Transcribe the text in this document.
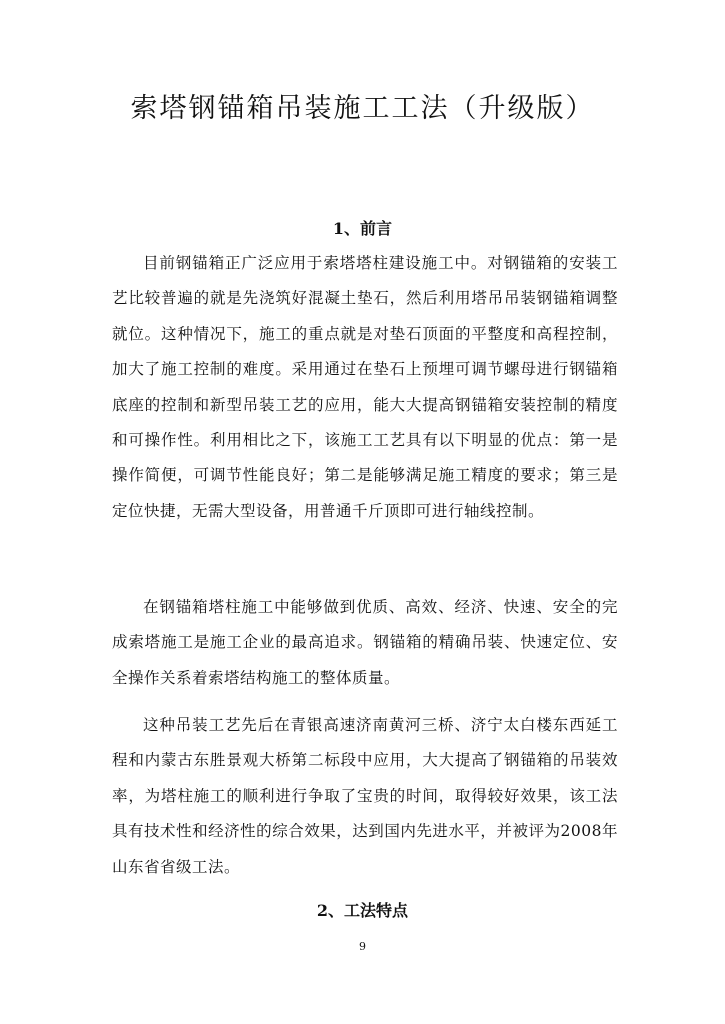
索塔钢锚箱吊装施工工法（升级版）
1、前言

目前钢锚箱正广泛应用于索塔塔柱建设施工中。对钢锚箱的安装工艺比较普遍的就是先浇筑好混凝土垫石，然后利用塔吊吊装钢锚箱调整就位。这种情况下，施工的重点就是对垫石顶面的平整度和高程控制，加大了施工控制的难度。采用通过在垫石上预埋可调节螺母进行钢锚箱底座的控制和新型吊装工艺的应用，能大大提高钢锚箱安装控制的精度和可操作性。利用相比之下，该施工工艺具有以下明显的优点：第一是操作简便，可调节性能良好；第二是能够满足施工精度的要求；第三是定位快捷，无需大型设备，用普通千斤顶即可进行轴线控制。

在钢锚箱塔柱施工中能够做到优质、高效、经济、快速、安全的完成索塔施工是施工企业的最高追求。钢锚箱的精确吊装、快速定位、安全操作关系着索塔结构施工的整体质量。

这种吊装工艺先后在青银高速济南黄河三桥、济宁太白楼东西延工程和内蒙古东胜景观大桥第二标段中应用，大大提高了钢锚箱的吊装效率，为塔柱施工的顺利进行争取了宝贵的时间，取得较好效果，该工法具有技术性和经济性的综合效果，达到国内先进水平，并被评为2008年山东省省级工法。

2、工法特点
9
